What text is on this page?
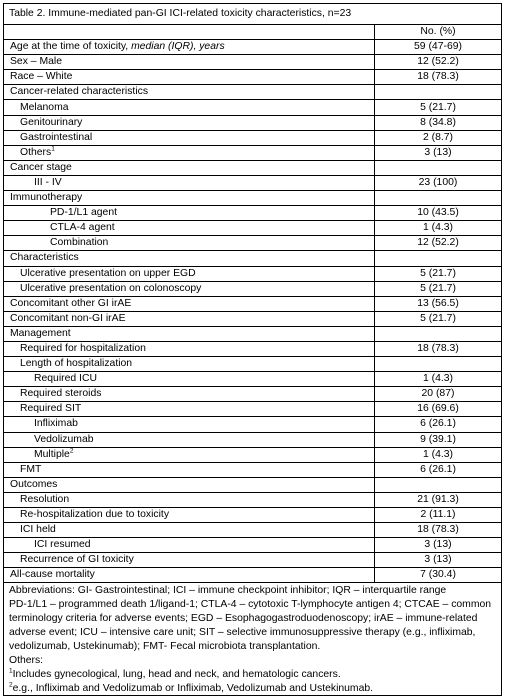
Table 2. Immune-mediated pan-GI ICI-related toxicity characteristics, n=23
	No. (%)
Age at the time of toxicity, median (IQR), years	59 (47-69)
Sex – Male	12 (52.2)
Race – White	18 (78.3)
Cancer-related characteristics	
Melanoma	5 (21.7)
Genitourinary	8 (34.8)
Gastrointestinal	2 (8.7)
Others$^1$	3 (13)
Cancer stage	
III - IV	23 (100)
Immunotherapy	
PD-1/L1 agent	10 (43.5)
CTLA-4 agent	1 (4.3)
Combination	12 (52.2)
Characteristics	
Ulcerative presentation on upper EGD	5 (21.7)
Ulcerative presentation on colonoscopy	5 (21.7)
Concomitant other GI irAE	13 (56.5)
Concomitant non-GI irAE	5 (21.7)
Management	
Required for hospitalization	18 (78.3)
Length of hospitalization	
Required ICU	1 (4.3)
Required steroids	20 (87)
Required SIT	16 (69.6)
Infliximab	6 (26.1)
Vedolizumab	9 (39.1)
Multiple$^2$	1 (4.3)
FMT	6 (26.1)
Outcomes	
Resolution	21 (91.3)
Re-hospitalization due to toxicity	2 (11.1)
ICI held	18 (78.3)
ICI resumed	3 (13)
Recurrence of GI toxicity	3 (13)
All-cause mortality	7 (30.4)
Abbreviations: GI- Gastrointestinal; ICI – immune checkpoint inhibitor; IQR – interquartile range
PD-1/L1 – programmed death 1/ligand-1; CTLA-4 – cytotoxic T-lymphocyte antigen 4; CTCAE – common terminology criteria for adverse events; EGD – Esophagogastroduodenoscopy; irAE – immune-related adverse event; ICU – intensive care unit; SIT – selective immunosuppressive therapy (e.g., infliximab, vedolizumab, Ustekinumab); FMT- Fecal microbiota transplantation.
Others:
$^1$Includes gynecological, lung, head and neck, and hematologic cancers.
$^2$e.g., Infliximab and Vedolizumab or Infliximab, Vedolizumab and Ustekinumab.
